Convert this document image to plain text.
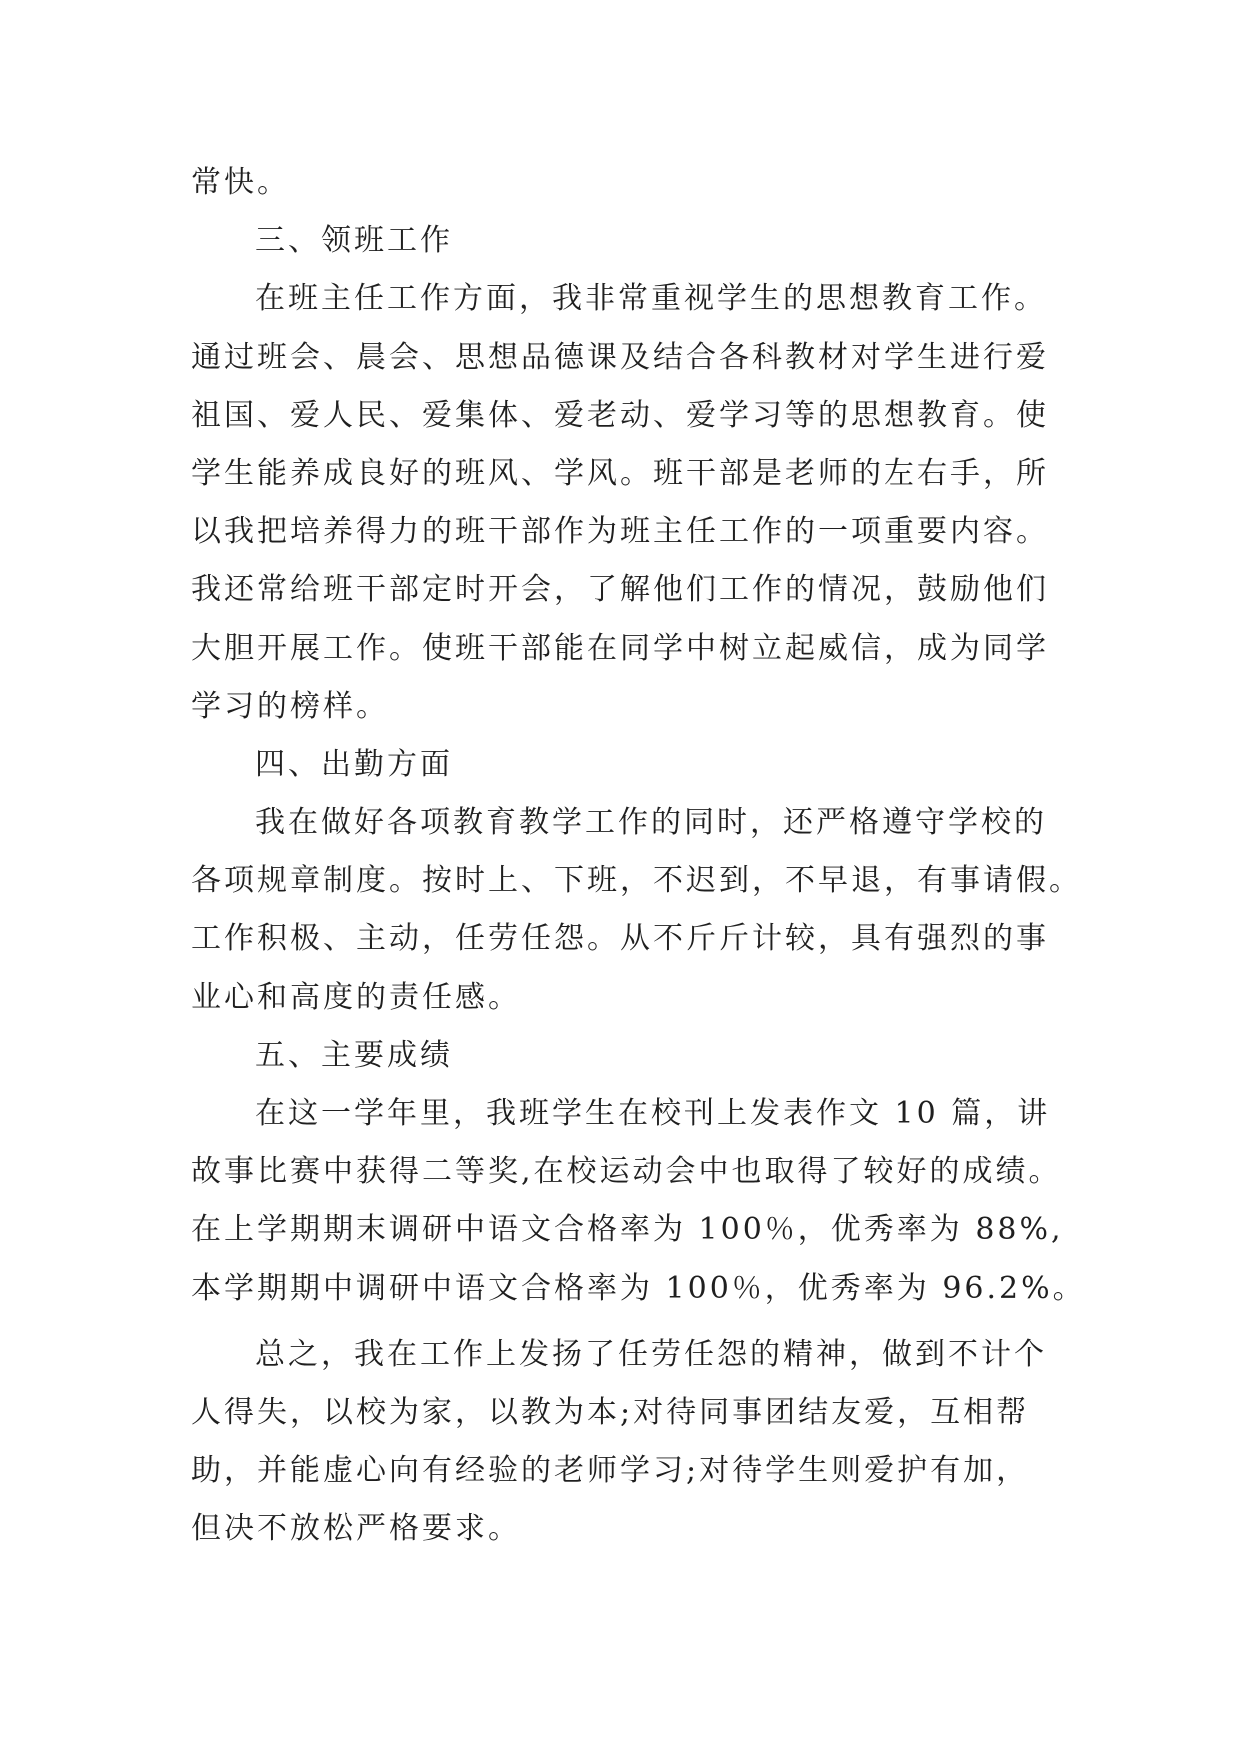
常快。
三、领班工作
在班主任工作方面，我非常重视学生的思想教育工作。
通过班会、晨会、思想品德课及结合各科教材对学生进行爱
祖国、爱人民、爱集体、爱老动、爱学习等的思想教育。使
学生能养成良好的班风、学风。班干部是老师的左右手，所
以我把培养得力的班干部作为班主任工作的一项重要内容。
我还常给班干部定时开会，了解他们工作的情况，鼓励他们
大胆开展工作。使班干部能在同学中树立起威信，成为同学
学习的榜样。
四、出勤方面
我在做好各项教育教学工作的同时，还严格遵守学校的
各项规章制度。按时上、下班，不迟到，不早退，有事请假。
工作积极、主动，任劳任怨。从不斤斤计较，具有强烈的事
业心和高度的责任感。
五、主要成绩
在这一学年里，我班学生在校刊上发表作文 10 篇，讲
故事比赛中获得二等奖,在校运动会中也取得了较好的成绩。
在上学期期末调研中语文合格率为 100％，优秀率为 88%,
本学期期中调研中语文合格率为 100％，优秀率为 96.2%。
总之，我在工作上发扬了任劳任怨的精神，做到不计个
人得失，以校为家，以教为本;对待同事团结友爱，互相帮
助，并能虚心向有经验的老师学习;对待学生则爱护有加，
但决不放松严格要求。
